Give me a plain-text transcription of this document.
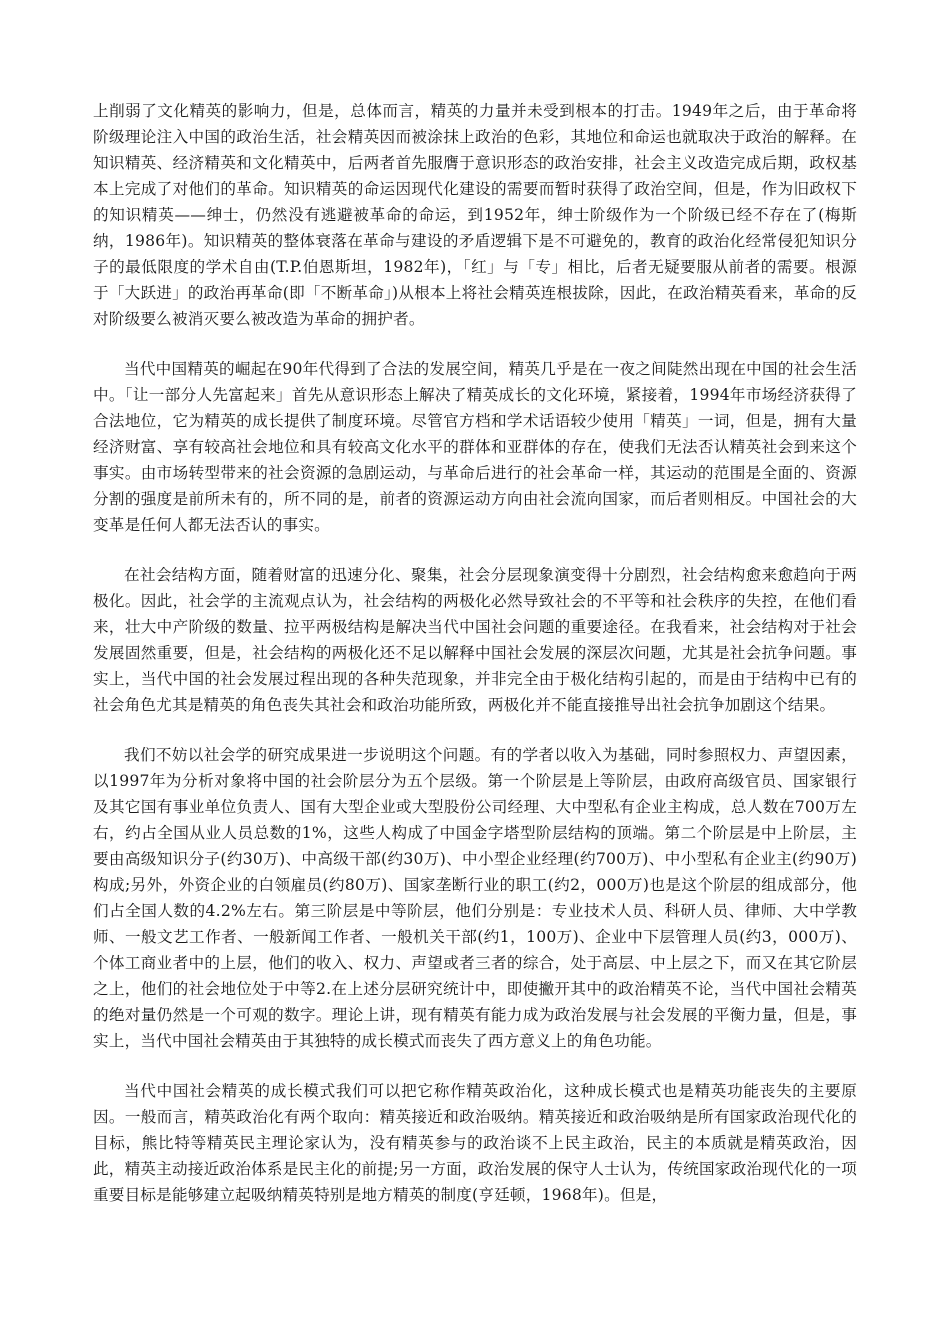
上削弱了文化精英的影响力，但是，总体而言，精英的力量并未受到根本的打击。1949年之后，由于革命将阶级理论注入中国的政治生活，社会精英因而被涂抹上政治的色彩，其地位和命运也就取决于政治的解释。在知识精英、经济精英和文化精英中，后两者首先服膺于意识形态的政治安排，社会主义改造完成后期，政权基本上完成了对他们的革命。知识精英的命运因现代化建设的需要而暂时获得了政治空间，但是，作为旧政权下的知识精英——绅士，仍然没有逃避被革命的命运，到1952年，绅士阶级作为一个阶级已经不存在了(梅斯纳，1986年)。知识精英的整体衰落在革命与建设的矛盾逻辑下是不可避免的，教育的政治化经常侵犯知识分子的最低限度的学术自由(T.P.伯恩斯坦，1982年)，「红」与「专」相比，后者无疑要服从前者的需要。根源于「大跃进」的政治再革命(即「不断革命」)从根本上将社会精英连根拔除，因此，在政治精英看来，革命的反对阶级要么被消灭要么被改造为革命的拥护者。

当代中国精英的崛起在90年代得到了合法的发展空间，精英几乎是在一夜之间陡然出现在中国的社会生活中。「让一部分人先富起来」首先从意识形态上解决了精英成长的文化环境，紧接着，1994年市场经济获得了合法地位，它为精英的成长提供了制度环境。尽管官方档和学术话语较少使用「精英」一词，但是，拥有大量经济财富、享有较高社会地位和具有较高文化水平的群体和亚群体的存在，使我们无法否认精英社会到来这个事实。由市场转型带来的社会资源的急剧运动，与革命后进行的社会革命一样，其运动的范围是全面的、资源分割的强度是前所未有的，所不同的是，前者的资源运动方向由社会流向国家，而后者则相反。中国社会的大变革是任何人都无法否认的事实。

在社会结构方面，随着财富的迅速分化、聚集，社会分层现象演变得十分剧烈，社会结构愈来愈趋向于两极化。因此，社会学的主流观点认为，社会结构的两极化必然导致社会的不平等和社会秩序的失控，在他们看来，壮大中产阶级的数量、拉平两极结构是解决当代中国社会问题的重要途径。在我看来，社会结构对于社会发展固然重要，但是，社会结构的两极化还不足以解释中国社会发展的深层次问题，尤其是社会抗争问题。事实上，当代中国的社会发展过程出现的各种失范现象，并非完全由于极化结构引起的，而是由于结构中已有的社会角色尤其是精英的角色丧失其社会和政治功能所致，两极化并不能直接推导出社会抗争加剧这个结果。

我们不妨以社会学的研究成果进一步说明这个问题。有的学者以收入为基础，同时参照权力、声望因素，以1997年为分析对象将中国的社会阶层分为五个层级。第一个阶层是上等阶层，由政府高级官员、国家银行及其它国有事业单位负责人、国有大型企业或大型股份公司经理、大中型私有企业主构成，总人数在700万左右，约占全国从业人员总数的1%，这些人构成了中国金字塔型阶层结构的顶端。第二个阶层是中上阶层，主要由高级知识分子(约30万)、中高级干部(约30万)、中小型企业经理(约700万)、中小型私有企业主(约90万)构成;另外，外资企业的白领雇员(约80万)、国家垄断行业的职工(约2，000万)也是这个阶层的组成部分，他们占全国人数的4.2%左右。第三阶层是中等阶层，他们分别是：专业技术人员、科研人员、律师、大中学教师、一般文艺工作者、一般新闻工作者、一般机关干部(约1，100万)、企业中下层管理人员(约3，000万)、个体工商业者中的上层，他们的收入、权力、声望或者三者的综合，处于高层、中上层之下，而又在其它阶层之上，他们的社会地位处于中等2.在上述分层研究统计中，即使撇开其中的政治精英不论，当代中国社会精英的绝对量仍然是一个可观的数字。理论上讲，现有精英有能力成为政治发展与社会发展的平衡力量，但是，事实上，当代中国社会精英由于其独特的成长模式而丧失了西方意义上的角色功能。

当代中国社会精英的成长模式我们可以把它称作精英政治化，这种成长模式也是精英功能丧失的主要原因。一般而言，精英政治化有两个取向：精英接近和政治吸纳。精英接近和政治吸纳是所有国家政治现代化的目标，熊比特等精英民主理论家认为，没有精英参与的政治谈不上民主政治，民主的本质就是精英政治，因此，精英主动接近政治体系是民主化的前提;另一方面，政治发展的保守人士认为，传统国家政治现代化的一项重要目标是能够建立起吸纳精英特别是地方精英的制度(亨廷顿，1968年)。但是，
